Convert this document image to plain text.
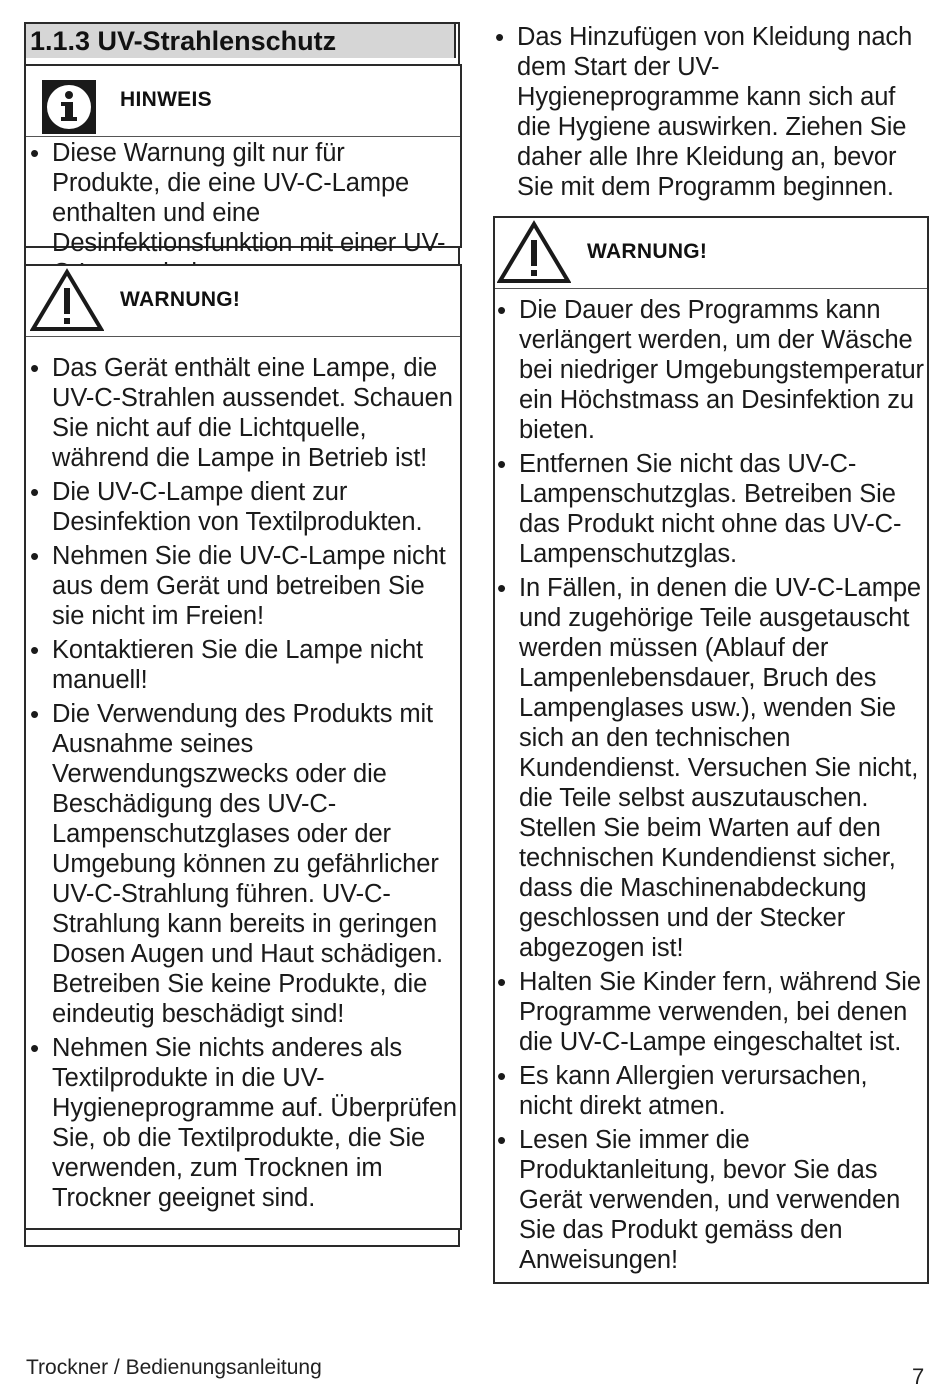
1.1.3 UV-Strahlenschutz
HINWEIS
• Diese Warnung gilt nur für Produkte, die eine UV-C-Lampe enthalten und eine Desinfektionsfunktion mit einer UV-
WARNUNG!
• Das Gerät enthält eine Lampe, die UV-C-Strahlen aussendet. Schauen Sie nicht auf die Lichtquelle, während die Lampe in Betrieb ist!
• Die UV-C-Lampe dient zur Desinfektion von Textilprodukten.
• Nehmen Sie die UV-C-Lampe nicht aus dem Gerät und betreiben Sie sie nicht im Freien!
• Kontaktieren Sie die Lampe nicht manuell!
• Die Verwendung des Produkts mit Ausnahme seines Verwendungszwecks oder die Beschädigung des UV-C-Lampenschutzglases oder der Umgebung können zu gefährlicher UV-C-Strahlung führen. UV-C-Strahlung kann bereits in geringen Dosen Augen und Haut schädigen. Betreiben Sie keine Produkte, die eindeutig beschädigt sind!
• Nehmen Sie nichts anderes als Textilprodukte in die UV-Hygieneprogramme auf. Überprüfen Sie, ob die Textilprodukte, die Sie verwenden, zum Trocknen im Trockner geeignet sind.
• Das Hinzufügen von Kleidung nach dem Start der UV-Hygieneprogramme kann sich auf die Hygiene auswirken. Ziehen Sie daher alle Ihre Kleidung an, bevor Sie mit dem Programm beginnen.
WARNUNG!
• Die Dauer des Programms kann verlängert werden, um der Wäsche bei niedriger Umgebungstemperatur ein Höchstmass an Desinfektion zu bieten.
• Entfernen Sie nicht das UV-C-Lampenschutzglas. Betreiben Sie das Produkt nicht ohne das UV-C-Lampenschutzglas.
• In Fällen, in denen die UV-C-Lampe und zugehörige Teile ausgetauscht werden müssen (Ablauf der Lampenlebensdauer, Bruch des Lampenglases usw.), wenden Sie sich an den technischen Kundendienst. Versuchen Sie nicht, die Teile selbst auszutauschen. Stellen Sie beim Warten auf den technischen Kundendienst sicher, dass die Maschinenabdeckung geschlossen und der Stecker abgezogen ist!
• Halten Sie Kinder fern, während Sie Programme verwenden, bei denen die UV-C-Lampe eingeschaltet ist.
• Es kann Allergien verursachen, nicht direkt atmen.
• Lesen Sie immer die Produktanleitung, bevor Sie das Gerät verwenden, und verwenden Sie das Produkt gemäss den Anweisungen!
Trockner / Bedienungsanleitung	7
